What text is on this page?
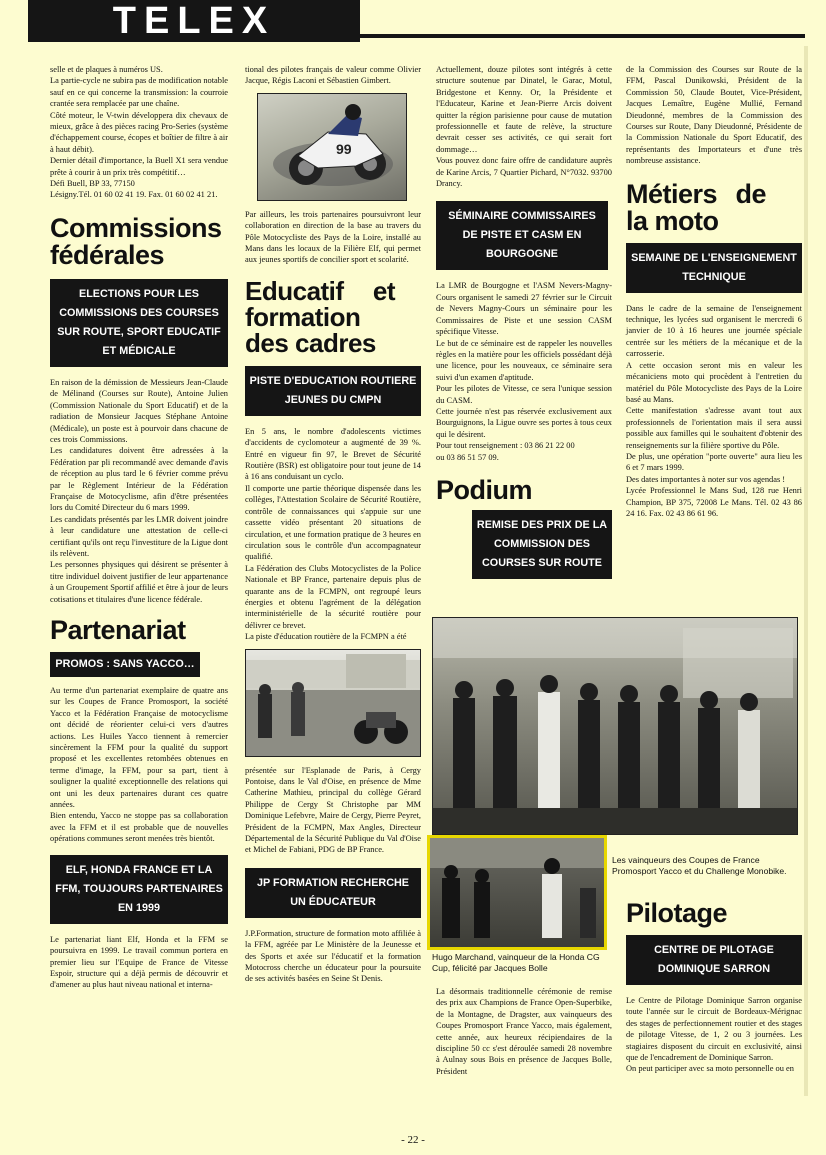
TELEX

selle et de plaques à numéros US.

La partie-cycle ne subira pas de modification notable sauf en ce qui concerne la transmission: la courroie crantée sera remplacée par une chaîne.

Côté moteur, le V-twin développera dix chevaux de mieux, grâce à des pièces racing Pro-Series (système d'échappement course, écopes et boîtier de filtre à air à haut débit).

Dernier détail d'importance, la Buell X1 sera vendue prête à courir à un prix très compétitif…

Défi Buell, BP 33, 77150

Lésigny.Tél. 01 60 02 41 19. Fax. 01 60 02 41 21.

Commissions fédérales
ELECTIONS POUR LES COMMISSIONS DES COURSES SUR ROUTE, SPORT EDUCATIF ET MÉDICALE

En raison de la démission de Messieurs Jean-Claude de Mélinand (Courses sur Route), Antoine Julien (Commission Nationale du Sport Educatif) et de la radiation de Monsieur Jacques Stéphane Antoine (Médicale), un poste est à pourvoir dans chacune de ces trois Commissions.

Les candidatures doivent être adressées à la Fédération par pli recommandé avec demande d'avis de réception au plus tard le 6 février comme prévu par le Règlement Intérieur de la Fédération Française de Motocyclisme, afin d'être présentées lors du Comité Directeur du 6 mars 1999.

Les candidats présentés par les LMR doivent joindre à leur candidature une attestation de celle-ci certifiant qu'ils ont reçu l'investiture de la Ligue dont ils relèvent.

Les personnes physiques qui désirent se présenter à titre individuel doivent justifier de leur appartenance à un Groupement Sportif affilié et être à jour de leurs cotisations et titulaires d'une licence fédérale.

Partenariat
PROMOS : SANS YACCO…

Au terme d'un partenariat exemplaire de quatre ans sur les Coupes de France Promosport, la société Yacco et la Fédération Française de motocyclisme ont décidé de réorienter celui-ci vers d'autres actions. Les Huiles Yacco tiennent à remercier sincèrement la FFM pour la qualité du support proposé et les excellentes retombées obtenues en terme d'image, la FFM, pour sa part, tient à souligner la qualité exceptionnelle des relations qui ont uni les deux partenaires durant ces quatre années.

Bien entendu, Yacco ne stoppe pas sa collaboration avec la FFM et il est probable que de nouvelles opérations communes seront menées très bientôt.

ELF, HONDA FRANCE ET LA FFM, TOUJOURS PARTENAIRES EN 1999

Le partenariat liant Elf, Honda et la FFM se poursuivra en 1999. Le travail commun portera en premier lieu sur l'Equipe de France de Vitesse Espoir, structure qui a déjà permis de découvrir et d'amener au plus haut niveau national et interna-

tional des pilotes français de valeur comme Olivier Jacque, Régis Laconi et Sébastien Gimbert.

99

Par ailleurs, les trois partenaires poursuivront leur collaboration en direction de la base au travers du Pôle Motocycliste des Pays de la Loire, installé au Mans dans les locaux de la Filière Elf, qui permet aux jeunes sportifs de concilier sport et scolarité.

Educatif et formation des cadres
PISTE D'EDUCATION ROUTIERE JEUNES DU CMPN

En 5 ans, le nombre d'adolescents victimes d'accidents de cyclomoteur a augmenté de 39 %. Entré en vigueur fin 97, le Brevet de Sécurité Routière (BSR) est obligatoire pour tout jeune de 14 à 16 ans conduisant un cyclo.

Il comporte une partie théorique dispensée dans les collèges, l'Attestation Scolaire de Sécurité Routière, contrôle de connaissances qui s'appuie sur une cassette vidéo présentant 20 situations de circulation, et une formation pratique de 3 heures en circulation sous le contrôle d'un accompagnateur qualifié.

La Fédération des Clubs Motocyclistes de la Police Nationale et BP France, partenaire depuis plus de quarante ans de la FCMPN, ont regroupé leurs énergies et obtenu l'agrément de la délégation interministérielle de la sécurité routière pour délivrer ce brevet.

La piste d'éducation routière de la FCMPN a été

présentée sur l'Esplanade de Paris, à Cergy Pontoise, dans le Val d'Oise, en présence de Mme Catherine Mathieu, principal du collège Gérard Philippe de Cergy St Christophe par MM Dominique Lefebvre, Maire de Cergy, Pierre Peyret, Président de la FCMPN, Max Angles, Directeur Départemental de la Sécurité Publique du Val d'Oise et Michel de Fabiani, PDG de BP France.

JP FORMATION RECHERCHE UN ÉDUCATEUR

J.P.Formation, structure de formation moto affiliée à la FFM, agréée par Le Ministère de la Jeunesse et des Sports et axée sur l'éducatif et la formation Motocross cherche un éducateur pour la poursuite de ses activités basées en Seine St Denis.

Actuellement, douze pilotes sont intégrés à cette structure soutenue par Dinatel, le Garac, Motul, Bridgestone et Kenny. Or, la Présidente et l'Educateur, Karine et Jean-Pierre Arcis doivent quitter la région parisienne pour cause de mutation professionnelle et faute de relève, la structure devrait cesser ses activités, ce qui serait fort dommage…

Vous pouvez donc faire offre de candidature auprès de Karine Arcis, 7 Quartier Pichard, N°7032. 93700 Drancy.

SÉMINAIRE COMMISSAIRES DE PISTE ET CASM EN BOURGOGNE

La LMR de Bourgogne et l'ASM Nevers-Magny-Cours organisent le samedi 27 février sur le Circuit de Nevers Magny-Cours un séminaire pour les Commissaires de Piste et une session CASM spécifique Vitesse.

Le but de ce séminaire est de rappeler les nouvelles règles en la matière pour les officiels possédant déjà une licence, pour les nouveaux, ce séminaire sera suivi d'un examen d'aptitude.

Pour les pilotes de Vitesse, ce sera l'unique session du CASM.

Cette journée n'est pas réservée exclusivement aux Bourguignons, la Ligue ouvre ses portes à tous ceux qui le désirent.

Pour tout renseignement : 03 86 21 22 00

ou 03 86 51 57 09.

Podium
REMISE DES PRIX DE LA COMMISSION DES COURSES SUR ROUTE
Les vainqueurs des Coupes de France Promosport Yacco et du Challenge Monobike.
Hugo Marchand, vainqueur de la Honda CG Cup, félicité par Jacques Bolle

La désormais traditionnelle cérémonie de remise des prix aux Champions de France Open-Superbike, de la Montagne, de Dragster, aux vainqueurs des Coupes Promosport France Yacco, mais également, cette année, aux heureux récipiendaires de la discipline 50 cc s'est déroulée samedi 28 novembre à Aulnay sous Bois en présence de Jacques Bolle, Président

de la Commission des Courses sur Route de la FFM, Pascal Dunikowski, Président de la Commission 50, Claude Boutet, Vice-Président, Jacques Lemaître, Eugène Mullié, Fernand Dieudonné, membres de la Commission des Courses sur Route, Dany Dieudonné, Présidente de la Commission Nationale du Sport Educatif, des représentants des Importateurs et d'une très nombreuse assistance.

Métiers de la moto
SEMAINE DE L'ENSEIGNEMENT TECHNIQUE

Dans le cadre de la semaine de l'enseignement technique, les lycées sud organisent le mercredi 6 janvier de 10 à 16 heures une journée spéciale centrée sur les métiers de la mécanique et de la carrosserie.

A cette occasion seront mis en valeur les mécaniciens moto qui procèdent à l'entretien du matériel du Pôle Motocycliste des Pays de la Loire basé au Mans.

Cette manifestation s'adresse avant tout aux professionnels de l'orientation mais il sera aussi possible aux familles qui le souhaitent d'obtenir des renseignements sur la filière sportive du Pôle.

De plus, une opération "porte ouverte" aura lieu les 6 et 7 mars 1999.

Des dates importantes à noter sur vos agendas !

Lycée Professionnel le Mans Sud, 128 rue Henri Champion, BP 375, 72008 Le Mans. Tél. 02 43 86 24 16. Fax. 02 43 86 61 96.

Pilotage
CENTRE DE PILOTAGE DOMINIQUE SARRON

Le Centre de Pilotage Dominique Sarron organise toute l'année sur le circuit de Bordeaux-Mérignac des stages de perfectionnement routier et des stages de pilotage Vitesse, de 1, 2 ou 3 journées. Les stagiaires disposent du circuit en exclusivité, ainsi que de l'encadrement de Dominique Sarron.

On peut participer avec sa moto personnelle ou en

- 22 -
